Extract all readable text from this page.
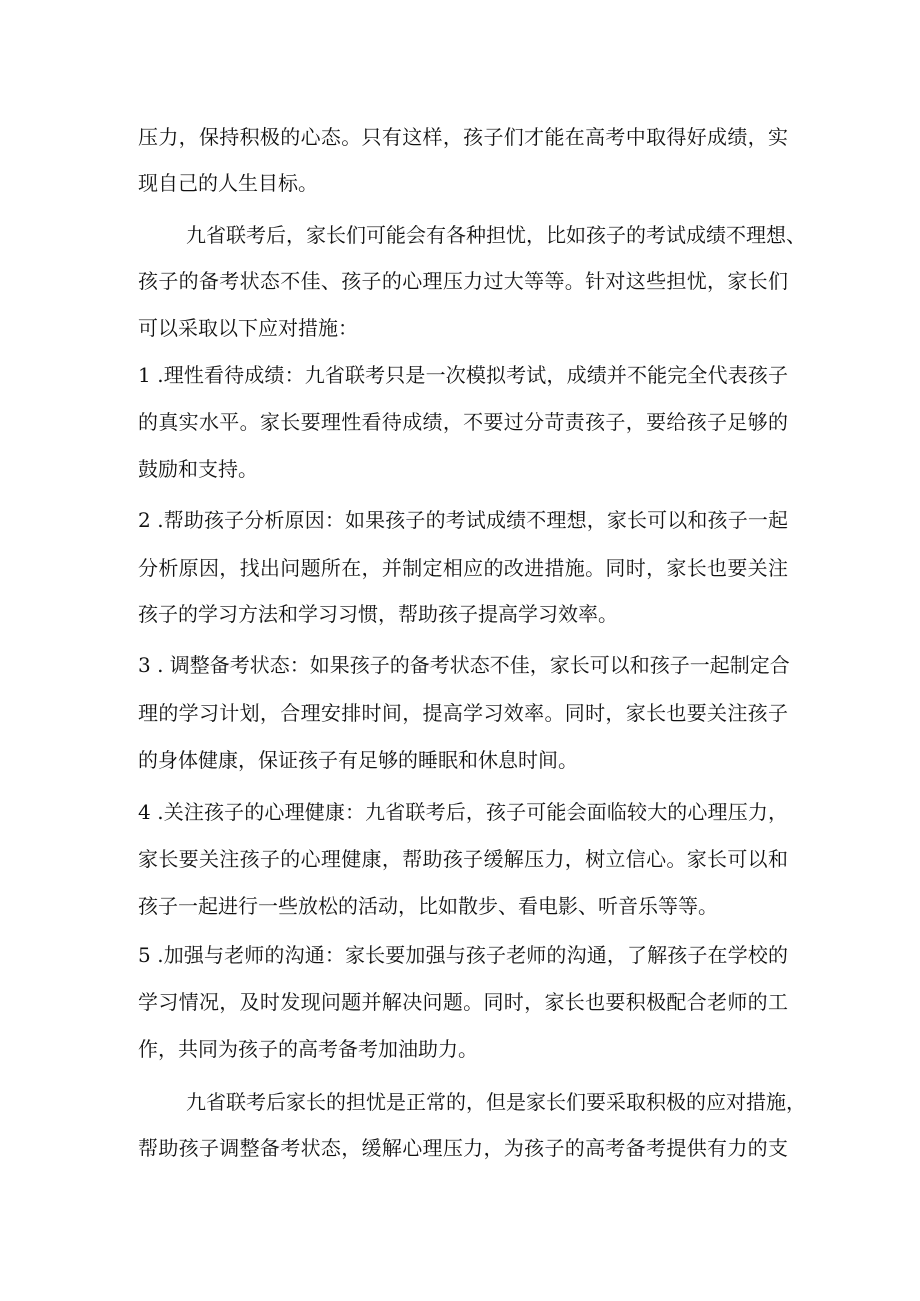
压力，保持积极的心态。只有这样，孩子们才能在高考中取得好成绩，实
现自己的人生目标。
九省联考后，家长们可能会有各种担忧，比如孩子的考试成绩不理想、
孩子的备考状态不佳、孩子的心理压力过大等等。针对这些担忧，家长们
可以采取以下应对措施：
1 .理性看待成绩：九省联考只是一次模拟考试，成绩并不能完全代表孩子
的真实水平。家长要理性看待成绩，不要过分苛责孩子，要给孩子足够的
鼓励和支持。
2 .帮助孩子分析原因：如果孩子的考试成绩不理想，家长可以和孩子一起
分析原因，找出问题所在，并制定相应的改进措施。同时，家长也要关注
孩子的学习方法和学习习惯，帮助孩子提高学习效率。
3 . 调整备考状态：如果孩子的备考状态不佳，家长可以和孩子一起制定合
理的学习计划，合理安排时间，提高学习效率。同时，家长也要关注孩子
的身体健康，保证孩子有足够的睡眠和休息时间。
4 .关注孩子的心理健康：九省联考后，孩子可能会面临较大的心理压力，
家长要关注孩子的心理健康，帮助孩子缓解压力，树立信心。家长可以和
孩子一起进行一些放松的活动，比如散步、看电影、听音乐等等。
5 .加强与老师的沟通：家长要加强与孩子老师的沟通，了解孩子在学校的
学习情况，及时发现问题并解决问题。同时，家长也要积极配合老师的工
作，共同为孩子的高考备考加油助力。
九省联考后家长的担忧是正常的，但是家长们要采取积极的应对措施，
帮助孩子调整备考状态，缓解心理压力，为孩子的高考备考提供有力的支
